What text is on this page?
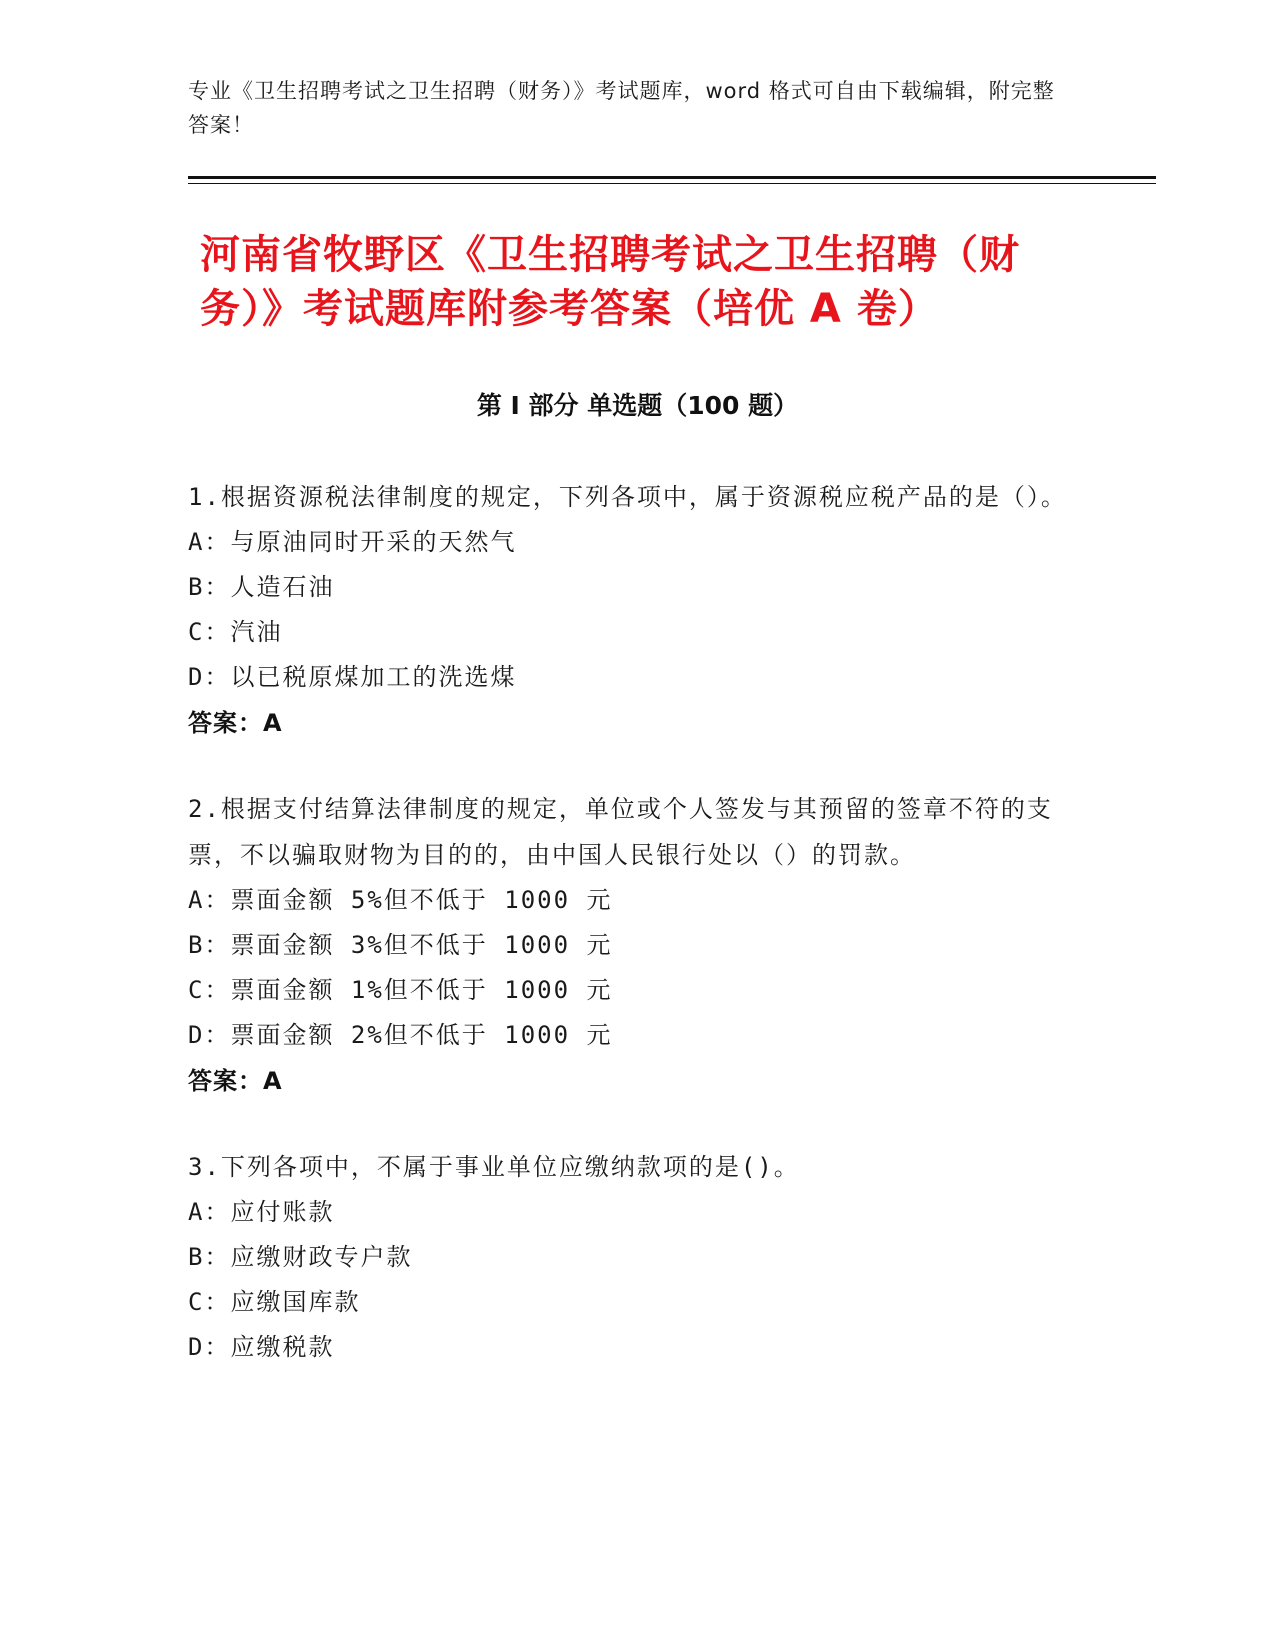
专业《卫生招聘考试之卫生招聘（财务）》考试题库，word 格式可自由下载编辑，附完整答案！
河南省牧野区《卫生招聘考试之卫生招聘（财务）》考试题库附参考答案（培优 A 卷）
第 I 部分 单选题（100 题）
1.根据资源税法律制度的规定，下列各项中，属于资源税应税产品的是（）。
A：与原油同时开采的天然气
B：人造石油
C：汽油
D：以已税原煤加工的洗选煤
答案：A
2.根据支付结算法律制度的规定，单位或个人签发与其预留的签章不符的支票，不以骗取财物为目的的，由中国人民银行处以（）的罚款。
A：票面金额 5%但不低于 1000 元
B：票面金额 3%但不低于 1000 元
C：票面金额 1%但不低于 1000 元
D：票面金额 2%但不低于 1000 元
答案：A
3.下列各项中，不属于事业单位应缴纳款项的是()。
A：应付账款
B：应缴财政专户款
C：应缴国库款
D：应缴税款
